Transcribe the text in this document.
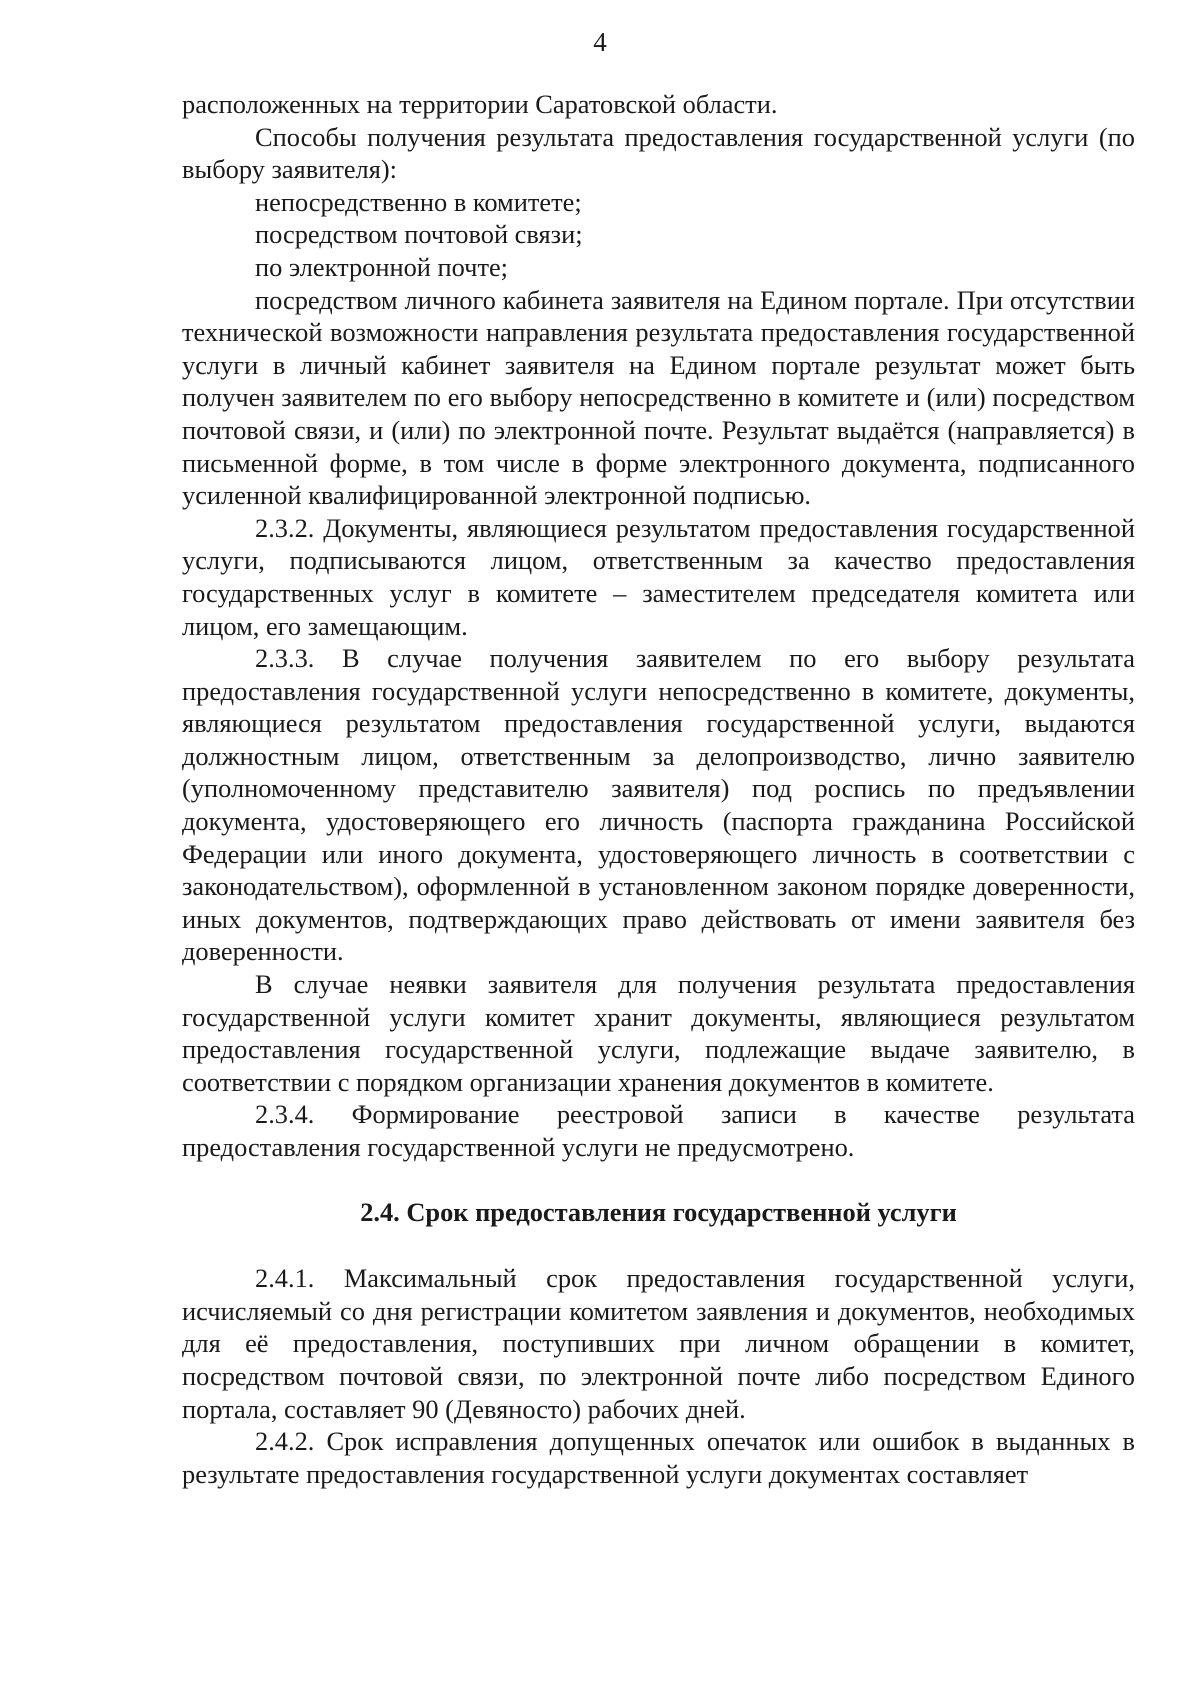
4

расположенных на территории Саратовской области.

Способы получения результата предоставления государственной услуги (по выбору заявителя):

непосредственно в комитете;

посредством почтовой связи;

по электронной почте;

посредством личного кабинета заявителя на Едином портале. При отсутствии технической возможности направления результата предоставления государственной услуги в личный кабинет заявителя на Едином портале результат может быть получен заявителем по его выбору непосредственно в комитете и (или) посредством почтовой связи, и (или) по электронной почте. Результат выдаётся (направляется) в письменной форме, в том числе в форме электронного документа, подписанного усиленной квалифицированной электронной подписью.

2.3.2. Документы, являющиеся результатом предоставления государственной услуги, подписываются лицом, ответственным за качество предоставления государственных услуг в комитете – заместителем председателя комитета или лицом, его замещающим.

2.3.3. В случае получения заявителем по его выбору результата предоставления государственной услуги непосредственно в комитете, документы, являющиеся результатом предоставления государственной услуги, выдаются должностным лицом, ответственным за делопроизводство, лично заявителю (уполномоченному представителю заявителя) под роспись по предъявлении документа, удостоверяющего его личность (паспорта гражданина Российской Федерации или иного документа, удостоверяющего личность в соответствии с законодательством), оформленной в установленном законом порядке доверенности, иных документов, подтверждающих право действовать от имени заявителя без доверенности.

В случае неявки заявителя для получения результата предоставления государственной услуги комитет хранит документы, являющиеся результатом предоставления государственной услуги, подлежащие выдаче заявителю, в соответствии с порядком организации хранения документов в комитете.

2.3.4. Формирование реестровой записи в качестве результата предоставления государственной услуги не предусмотрено.

2.4. Срок предоставления государственной услуги

2.4.1. Максимальный срок предоставления государственной услуги, исчисляемый со дня регистрации комитетом заявления и документов, необходимых для её предоставления, поступивших при личном обращении в комитет, посредством почтовой связи, по электронной почте либо посредством Единого портала, составляет 90 (Девяносто) рабочих дней.

2.4.2. Срок исправления допущенных опечаток или ошибок в выданных в результате предоставления государственной услуги документах составляет
